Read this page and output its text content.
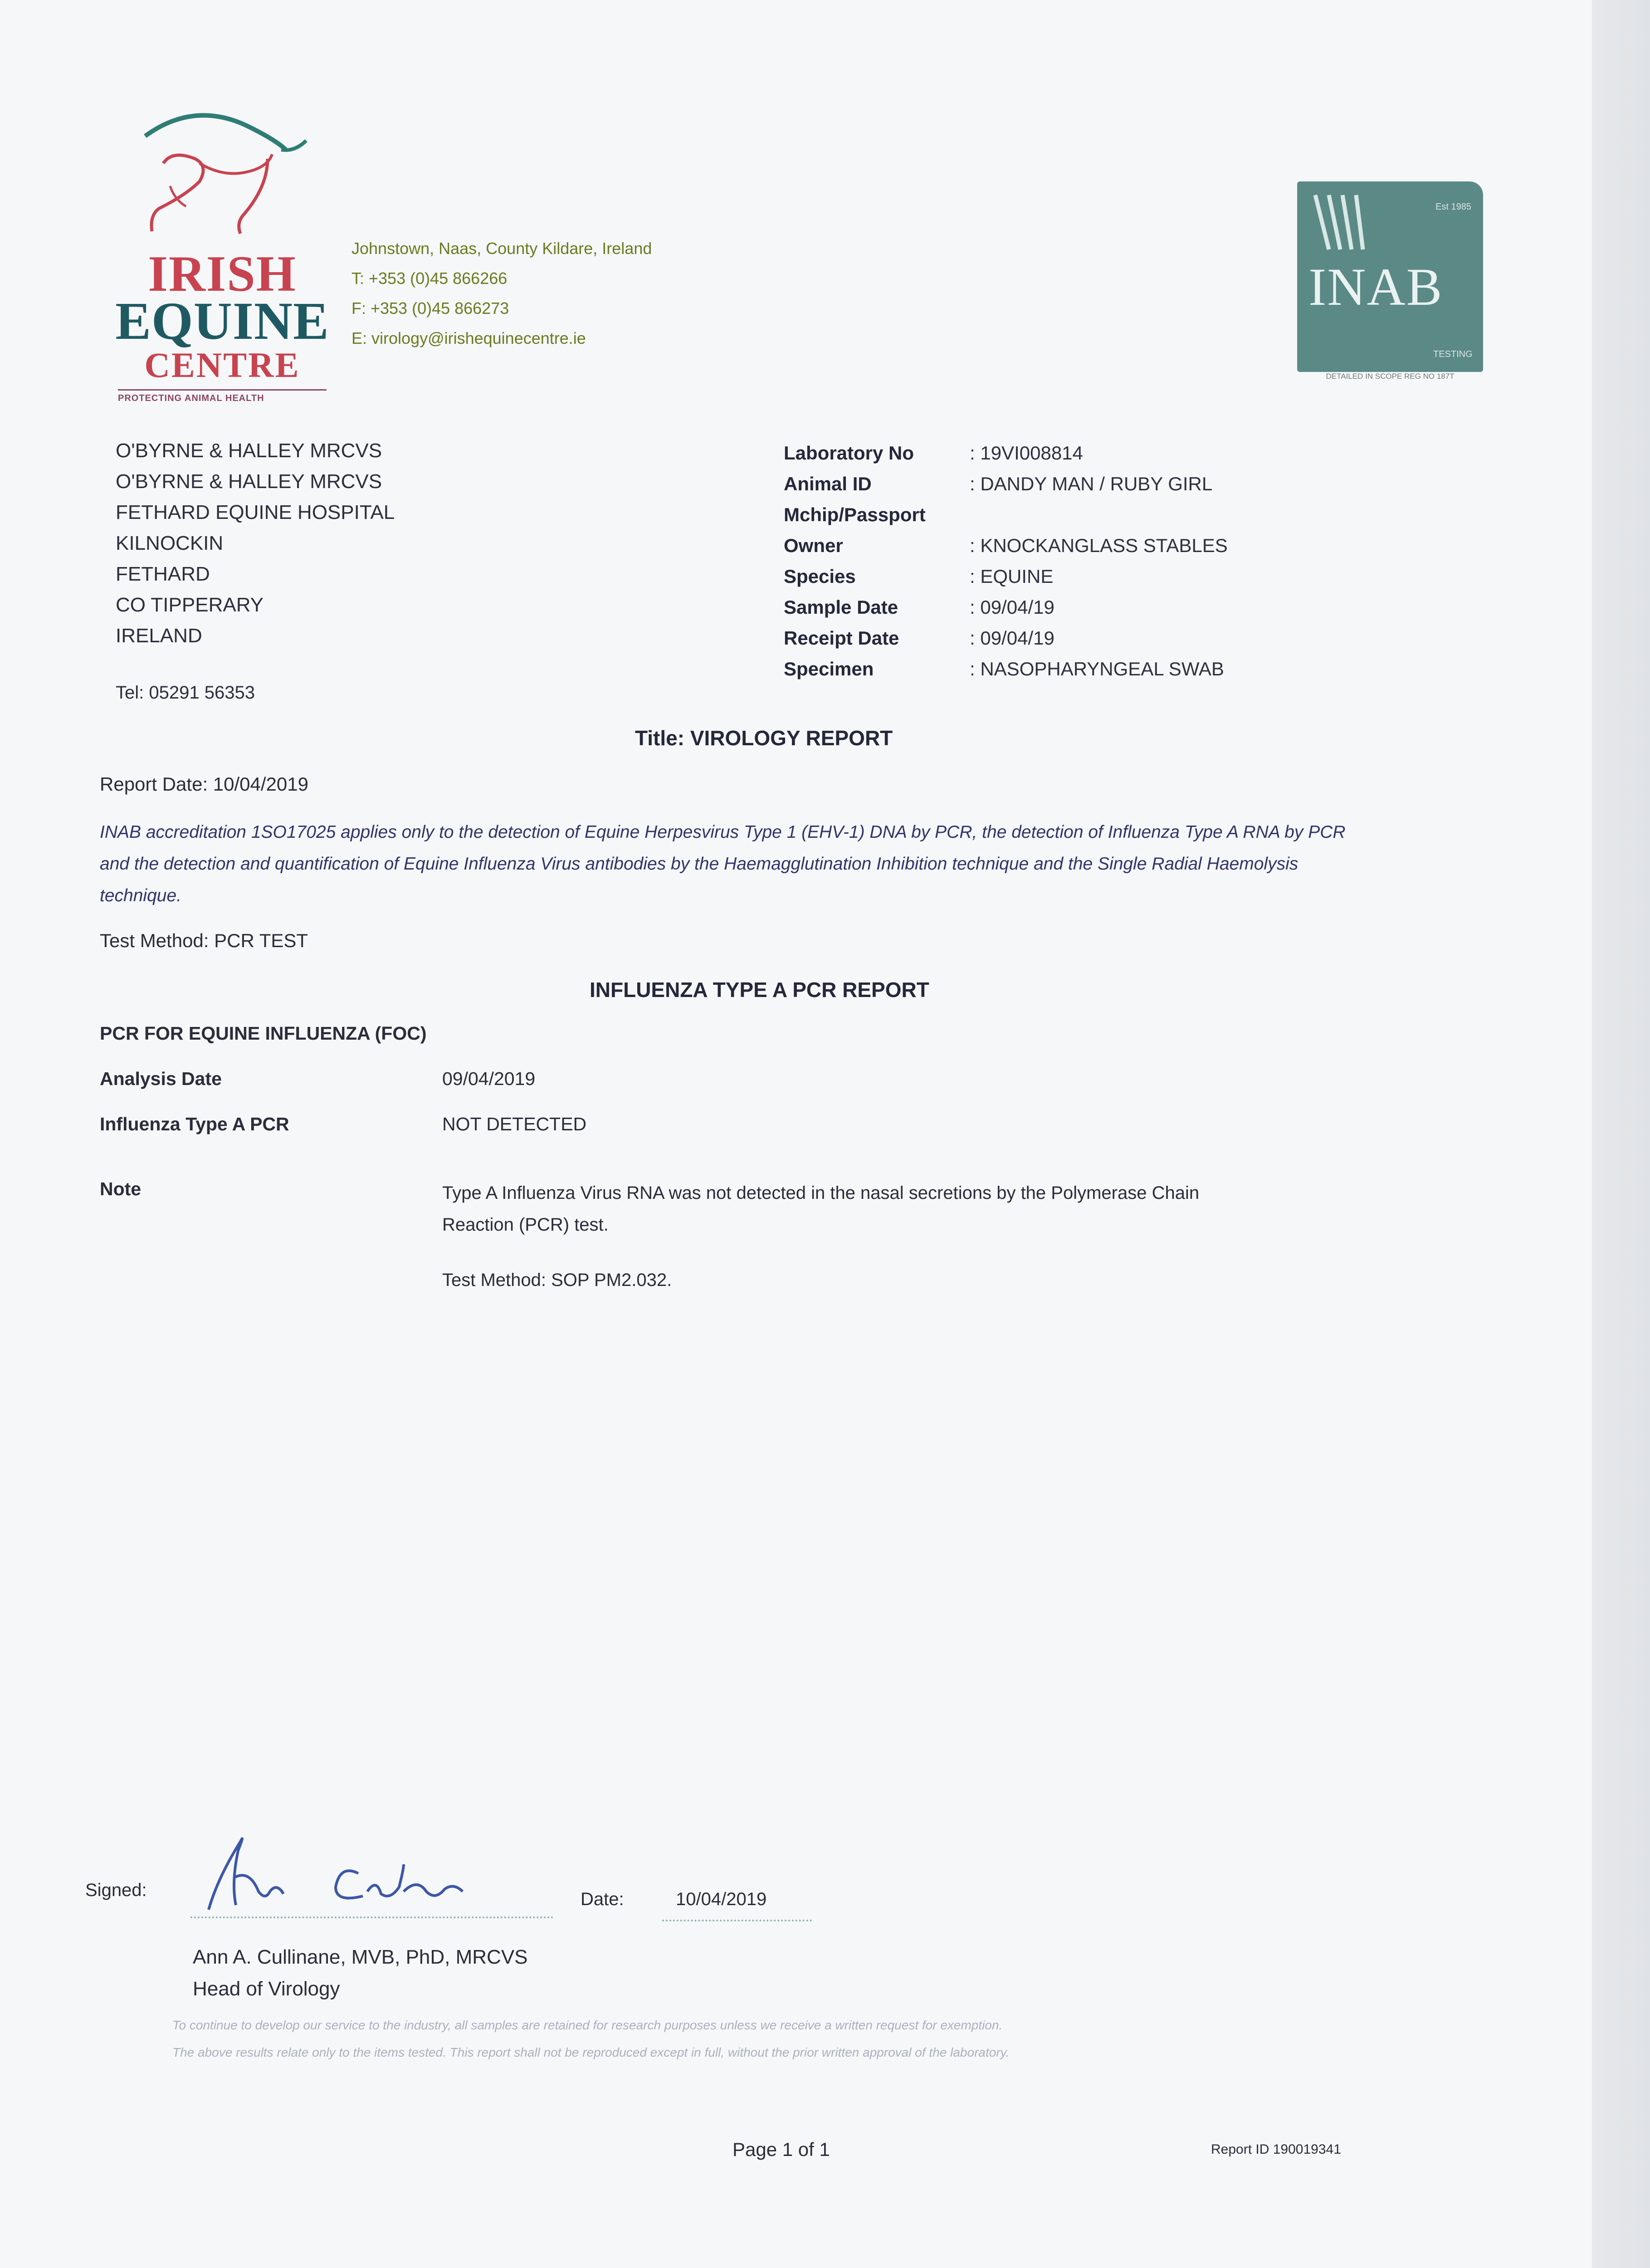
IRISH
EQUINE
CENTRE
PROTECTING ANIMAL HEALTH
Johnstown, Naas, County Kildare, Ireland
T: +353 (0)45 866266
F: +353 (0)45 866273
E: virology@irishequinecentre.ie
Est 1985
INAB
TESTING
DETAILED IN SCOPE REG NO 187T
O'BYRNE & HALLEY MRCVS
O'BYRNE & HALLEY MRCVS
FETHARD EQUINE HOSPITAL
KILNOCKIN
FETHARD
CO TIPPERARY
IRELAND
Tel: 05291 56353
Laboratory No	: 19VI008814
Animal ID	: DANDY MAN / RUBY GIRL
Mchip/Passport
Owner	: KNOCKANGLASS STABLES
Species	: EQUINE
Sample Date	: 09/04/19
Receipt Date	: 09/04/19
Specimen	: NASOPHARYNGEAL SWAB
Title: VIROLOGY REPORT
Report Date: 10/04/2019
INAB accreditation 1SO17025 applies only to the detection of Equine Herpesvirus Type 1 (EHV-1) DNA by PCR, the detection of Influenza Type A RNA by PCR and the detection and quantification of Equine Influenza Virus antibodies by the Haemagglutination Inhibition technique and the Single Radial Haemolysis technique.
Test Method: PCR TEST
INFLUENZA TYPE A PCR REPORT
PCR FOR EQUINE INFLUENZA (FOC)
Analysis Date	09/04/2019
Influenza Type A PCR	NOT DETECTED
Note	Type A Influenza Virus RNA was not detected in the nasal secretions by the Polymerase Chain Reaction (PCR) test.
Test Method: SOP PM2.032.
Signed:	Date:	10/04/2019
Ann A. Cullinane, MVB, PhD, MRCVS
Head of Virology
To continue to develop our service to the industry, all samples are retained for research purposes unless we receive a written request for exemption.
The above results relate only to the items tested. This report shall not be reproduced except in full, without the prior written approval of the laboratory.
Page 1 of 1	Report ID 190019341
